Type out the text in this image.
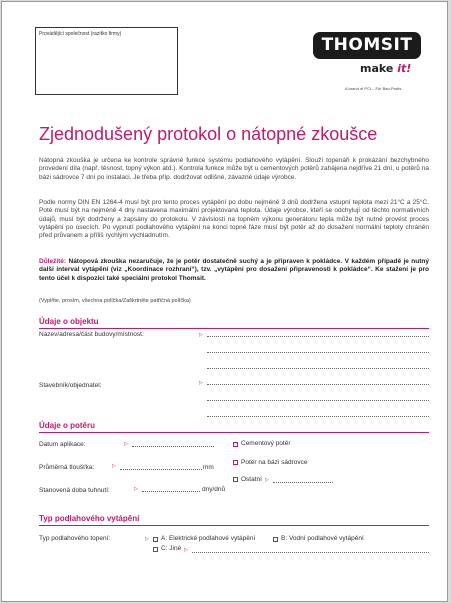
Provádějící společnost (razítko firmy)
THOMSIT
make it!
A brand of PCI – Für Bau-Profis
Zjednodušený protokol o nátopné zkoušce

Nátopná zkouška je určena ke kontrole správné funkce systému podlahového vytápění. Slouží topenáři k prokázání bezchybného provedení díla (např. těsnost, topný výkon atd.). Kontrola funkce může být u cementových potěrů zahájena nejdříve 21 dní, u potěrů na bázi sádrovce 7 dní po instalaci. Je třeba příp. dodržovat odlišné, závazné údaje výrobce.

Podle normy DIN EN 1264-4 musí být pro tento proces vytápění po dobu nejméně 3 dnů dodržena vstupní teplota mezi 21°C a 25°C. Poté musí být na nejméně 4 dny nastavena maximální projektovaná teplota. Údaje výrobce, kteří se odchylují od těchto normativních údajů, musí být dodrženy a zapsány do protokolu. V závislosti na topném výkonu generátoru tepla může být nutné provést proces vytápění po úsecích. Po vypnutí podlahového vytápění na konci topné fáze musí být potěr až do dosažení normální teploty chráněn před průvanem a příliš rychlým vychladnutím.

Důležité: Nátopová zkouška nezaručuje, že je potěr dostatečně suchý a je připraven k pokládce. V každém případě je nutný další interval vytápění (viz „Koordinace rozhraní“), tzv. „vytápění pro dosažení připravenosti k pokládce“. Ke stažení je pro tento účel k dispozici také speciální protokol Thomsit.

(Vyplňte, prosím, všechna políčka/Zaškrtněte patřičná políčka)
Údaje o objektu
Název/adresa/část budovy/místnost:	▷
Stavebník/objednatel:	▷
Údaje o potěru
Datum aplikace:	▷	Cementový potěr
Průměrná tloušťka:	▷	mm
Potěr na bázi sádrovce
Ostatní ▷
Stanovená doba tuhnutí:	▷	dny/dnů
Typ podlahového vytápění
Typ podlahového topení:	▷ A: Elektrické podlahové vytápění	B: Vodní podlahové vytápění
C: Jiné ▷
